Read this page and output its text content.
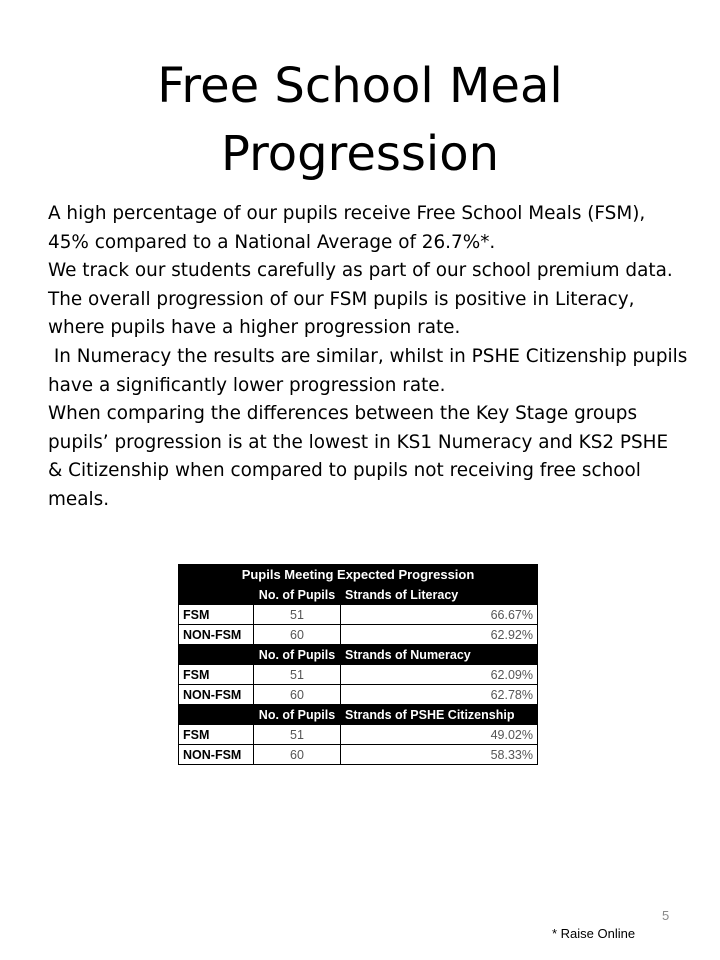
Free School Meal
Progression

A high percentage of our pupils receive Free School Meals (FSM), 45% compared to a National Average of 26.7%*.

We track our students carefully as part of our school premium data.

The overall progression of our FSM pupils is positive in Literacy, where pupils have a higher progression rate.

In Numeracy the results are similar, whilst in PSHE Citizenship pupils have a significantly lower progression rate.

When comparing the differences between the Key Stage groups pupils’ progression is at the lowest in KS1 Numeracy and KS2 PSHE & Citizenship when compared to pupils not receiving free school meals.

Pupils Meeting Expected Progression		
	No. of Pupils	Strands of Literacy
FSM	51	66.67%
NON-FSM	60	62.92%
	No. of Pupils	Strands of Numeracy
FSM	51	62.09%
NON-FSM	60	62.78%
	No. of Pupils	Strands of PSHE Citizenship
FSM	51	49.02%
NON-FSM	60	58.33%
5
* Raise Online
